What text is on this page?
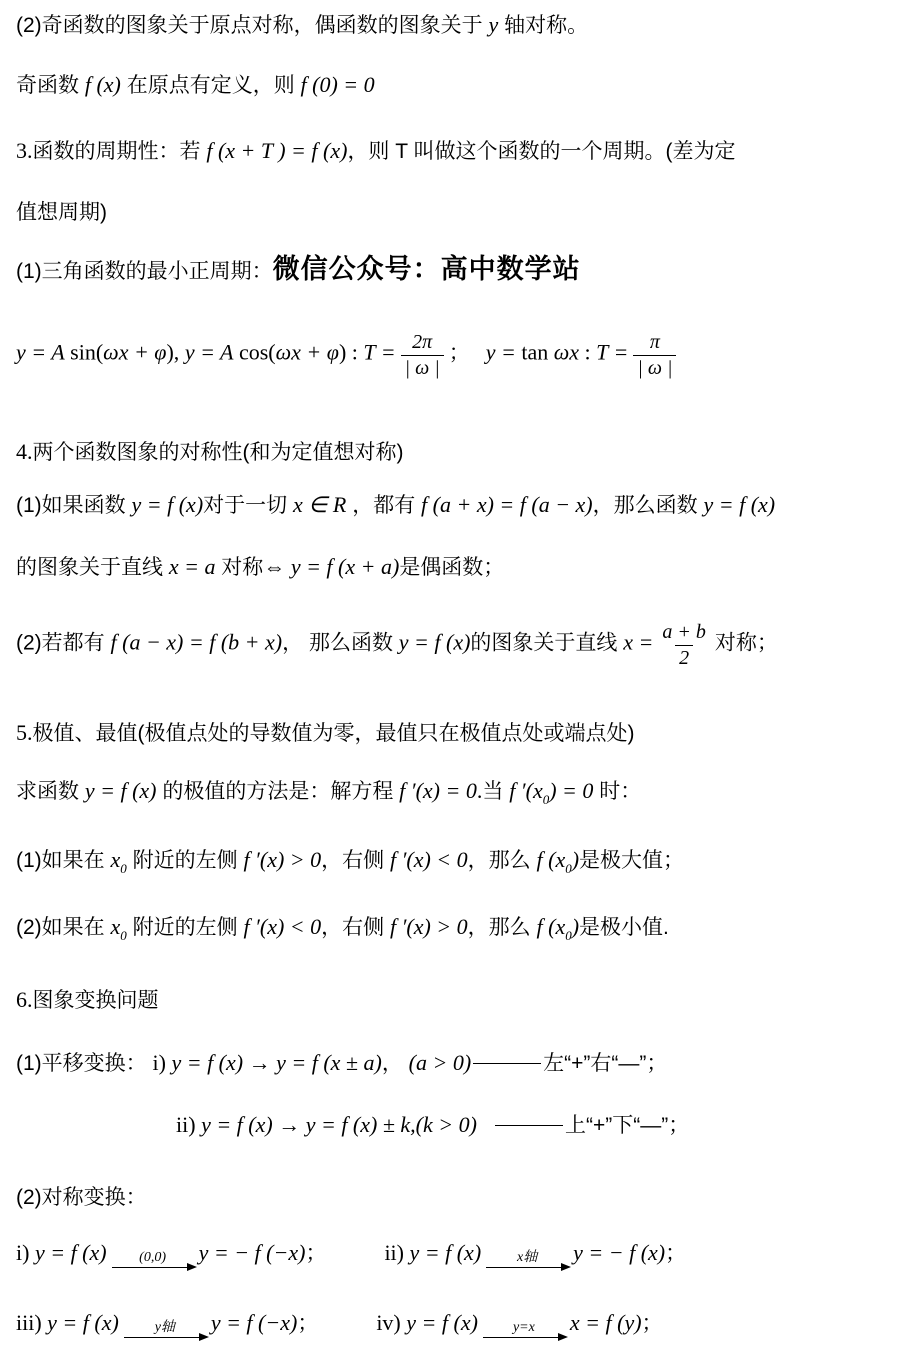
(2)奇函数的图象关于原点对称，偶函数的图象关于 y 轴对称。
奇函数 f (x) 在原点有定义，则 f (0) = 0
3.函数的周期性：若 f (x + T ) = f (x)，则 T 叫做这个函数的一个周期。(差为定
值想周期)
(1)三角函数的最小正周期：微信公众号：高中数学站
y = A sin(ωx + φ), y = A cos(ωx + φ) : $T = \frac{2\pi}{| \omega |}$ ； y = tan ωx : $T = \frac{\pi}{| \omega |}$
4.两个函数图象的对称性(和为定值想对称)
(1)如果函数 y = f (x)对于一切 x ∈ R ，都有 f (a + x) = f (a − x)，那么函数 y = f (x)
的图象关于直线 x = a 对称⇔ y = f (x + a)是偶函数；
(2)若都有 f (a − x) = f (b + x)， 那么函数 y = f (x)的图象关于直线 $x = \frac{a + b}{2}$ 对称；
5.极值、最值(极值点处的导数值为零，最值只在极值点处或端点处)
求函数 y = f (x) 的极值的方法是：解方程 f ′(x) = 0.当 f $'(x_0) = 0$ 时：
(1)如果在 $x_0$ 附近的左侧 f ′(x) > 0，右侧 f ′(x) < 0，那么 f $(x_0)$是极大值；
(2)如果在 $x_0$ 附近的左侧 f ′(x) < 0，右侧 f ′(x) > 0，那么 f $(x_0)$是极小值.
6.图象变换问题
(1)平移变换： i) y = f (x) → y = f (x ± a)， (a > 0)	左“+”右“—”；
ii) y = f (x) → y = f (x) ± k,(k > 0)	上“+”下“—”；
(2)对称变换：
i) y = f (x) (0,0) y = − f (−x)；	ii) y = f (x)	x轴 y = − f (x)；
iii) y = f (x)	y轴 y = f (−x)；	iv) y = f (x)	y=x x = f (y)；
